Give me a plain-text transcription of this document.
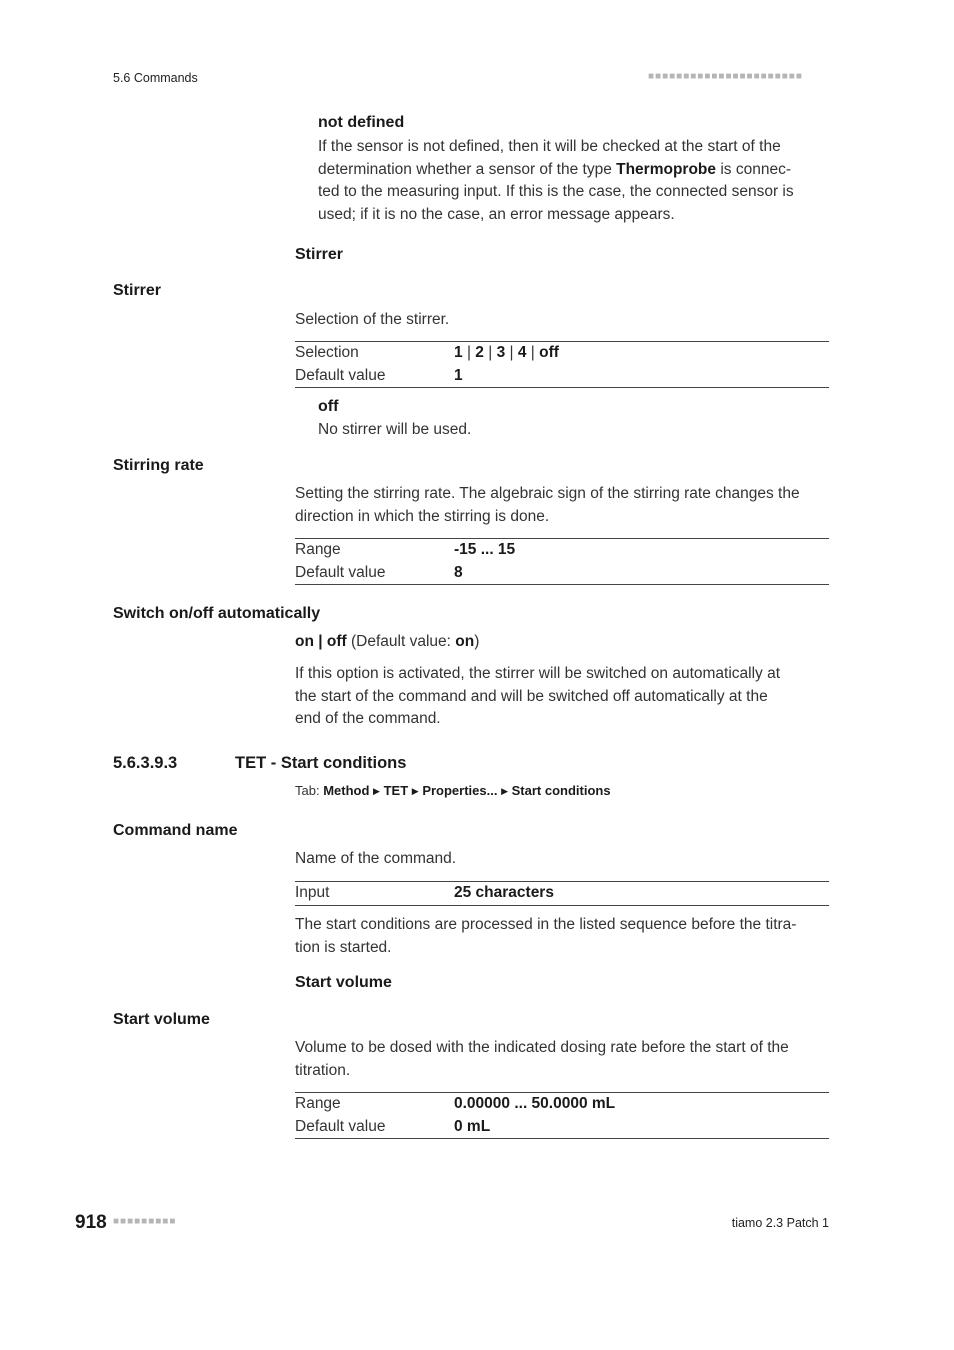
5.6 Commands	■■■■■■■■■■■■■■■■■■■■■■
not defined
If the sensor is not defined, then it will be checked at the start of the
determination whether a sensor of the type Thermoprobe is connec-
ted to the measuring input. If this is the case, the connected sensor is
used; if it is no the case, an error message appears.
Stirrer
Stirrer
Selection of the stirrer.
Selection	1 | 2 | 3 | 4 | off
Default value	1
off
No stirrer will be used.
Stirring rate
Setting the stirring rate. The algebraic sign of the stirring rate changes the
direction in which the stirring is done.
Range	-15 ... 15
Default value	8
Switch on/off automatically
on | off (Default value: on)
If this option is activated, the stirrer will be switched on automatically at
the start of the command and will be switched off automatically at the
end of the command.
5.6.3.9.3	TET - Start conditions
Tab: Method ▶ TET ▶ Properties... ▶ Start conditions
Command name
Name of the command.
Input	25 characters
The start conditions are processed in the listed sequence before the titra-
tion is started.
Start volume
Start volume
Volume to be dosed with the indicated dosing rate before the start of the
titration.
Range	0.00000 ... 50.0000 mL
Default value	0 mL
918 ■■■■■■■■■	tiamo 2.3 Patch 1
